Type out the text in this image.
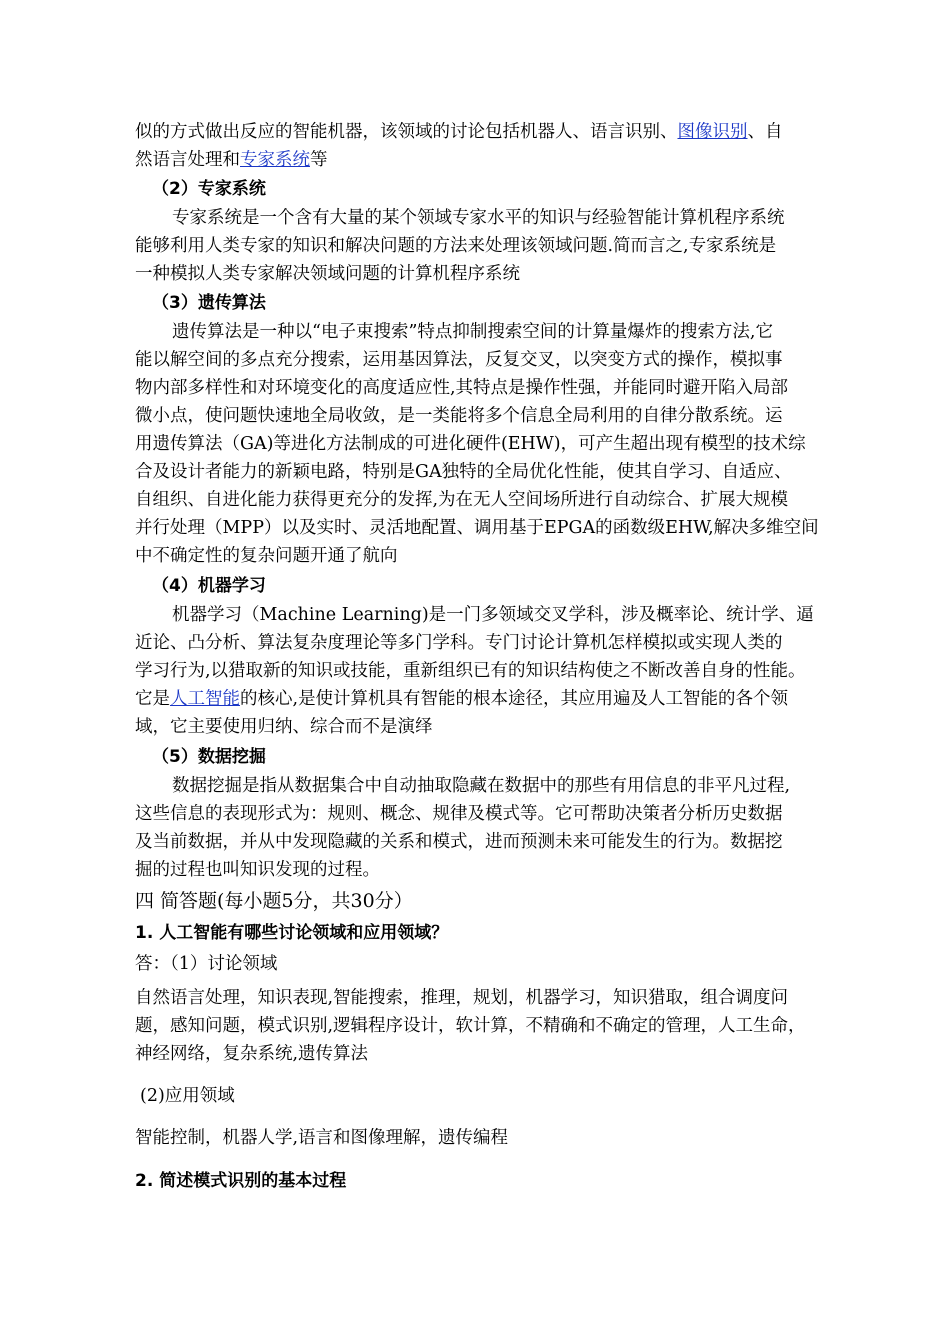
似的方式做出反应的智能机器，该领域的讨论包括机器人、语言识别、图像识别、自
然语言处理和专家系统等
（2）专家系统
专家系统是一个含有大量的某个领域专家水平的知识与经验智能计算机程序系统
能够利用人类专家的知识和解决问题的方法来处理该领域问题.简而言之,专家系统是
一种模拟人类专家解决领域问题的计算机程序系统
（3）遗传算法
遗传算法是一种以“电子束搜索”特点抑制搜索空间的计算量爆炸的搜索方法,它
能以解空间的多点充分搜索，运用基因算法，反复交叉，以突变方式的操作，模拟事
物内部多样性和对环境变化的高度适应性,其特点是操作性强，并能同时避开陷入局部
微小点，使问题快速地全局收敛，是一类能将多个信息全局利用的自律分散系统。运
用遗传算法（GA)等进化方法制成的可进化硬件(EHW)，可产生超出现有模型的技术综
合及设计者能力的新颖电路，特别是GA独特的全局优化性能，使其自学习、自适应、
自组织、自进化能力获得更充分的发挥,为在无人空间场所进行自动综合、扩展大规模
并行处理（MPP）以及实时、灵活地配置、调用基于EPGA的函数级EHW,解决多维空间
中不确定性的复杂问题开通了航向
（4）机器学习
机器学习（Machine Learning)是一门多领域交叉学科，涉及概率论、统计学、逼
近论、凸分析、算法复杂度理论等多门学科。专门讨论计算机怎样模拟或实现人类的
学习行为,以猎取新的知识或技能，重新组织已有的知识结构使之不断改善自身的性能。
它是人工智能的核心,是使计算机具有智能的根本途径，其应用遍及人工智能的各个领
域，它主要使用归纳、综合而不是演绎
（5）数据挖掘
数据挖掘是指从数据集合中自动抽取隐藏在数据中的那些有用信息的非平凡过程,
这些信息的表现形式为：规则、概念、规律及模式等。它可帮助决策者分析历史数据
及当前数据，并从中发现隐藏的关系和模式，进而预测未来可能发生的行为。数据挖
掘的过程也叫知识发现的过程。
四 简答题(每小题5分，共30分）
1. 人工智能有哪些讨论领域和应用领域？
答：（1）讨论领域
自然语言处理，知识表现,智能搜索，推理，规划，机器学习，知识猎取，组合调度问
题，感知问题，模式识别,逻辑程序设计，软计算，不精确和不确定的管理，人工生命，
神经网络，复杂系统,遗传算法
(2)应用领域
智能控制，机器人学,语言和图像理解，遗传编程
2. 简述模式识别的基本过程
